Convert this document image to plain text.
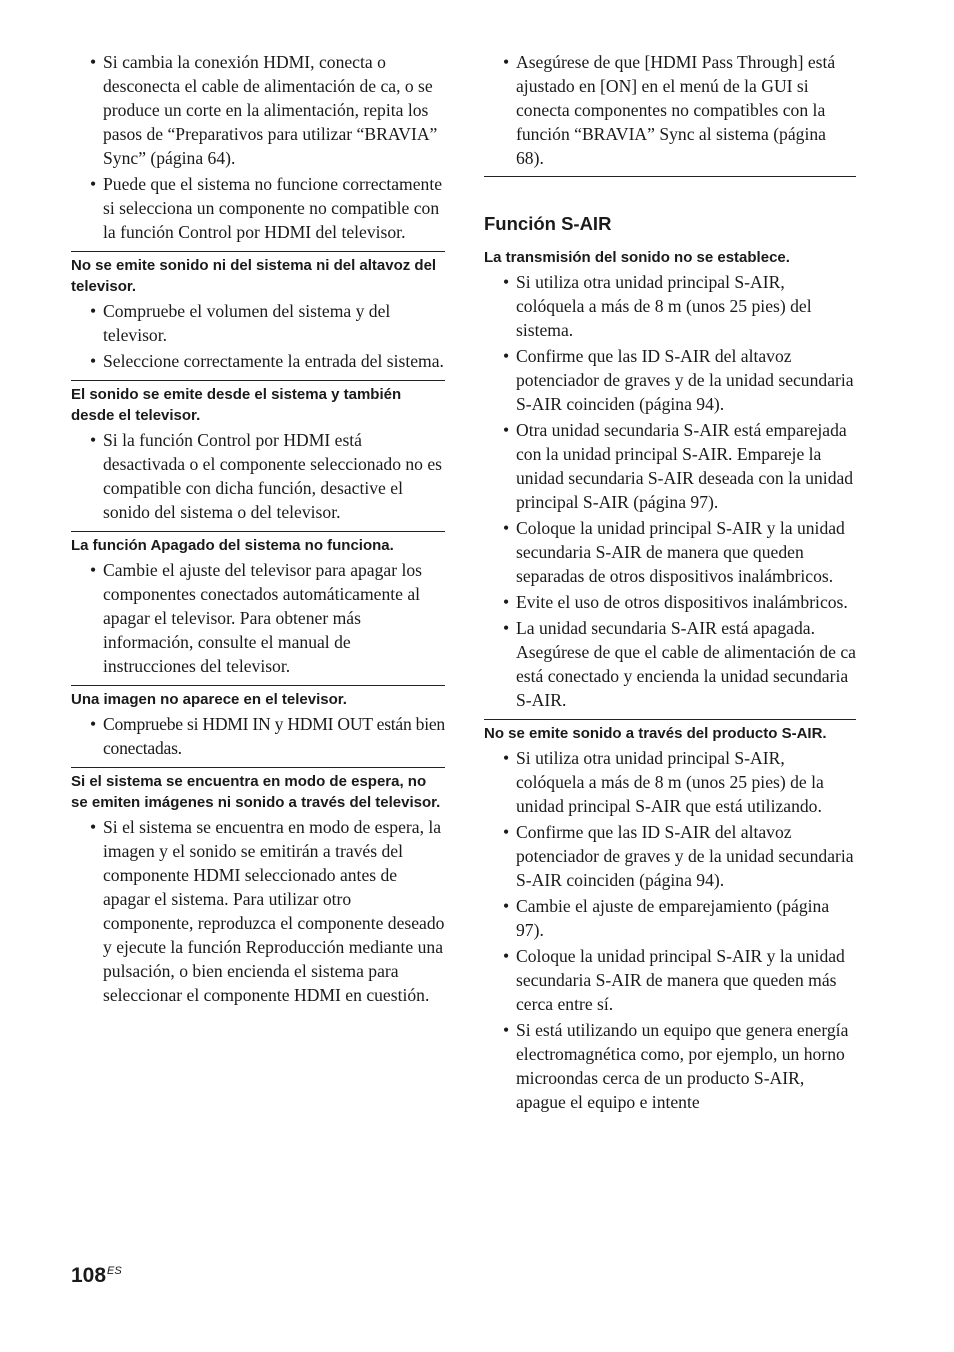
• Si cambia la conexión HDMI, conecta o desconecta el cable de alimentación de ca, o se produce un corte en la alimentación, repita los pasos de “Preparativos para utilizar “BRAVIA” Sync” (página 64).
• Puede que el sistema no funcione correctamente si selecciona un componente no compatible con la función Control por HDMI del televisor.
No se emite sonido ni del sistema ni del altavoz del televisor.
• Compruebe el volumen del sistema y del televisor.
• Seleccione correctamente la entrada del sistema.
El sonido se emite desde el sistema y también desde el televisor.
• Si la función Control por HDMI está desactivada o el componente seleccionado no es compatible con dicha función, desactive el sonido del sistema o del televisor.
La función Apagado del sistema no funciona.
• Cambie el ajuste del televisor para apagar los componentes conectados automáticamente al apagar el televisor. Para obtener más información, consulte el manual de instrucciones del televisor.
Una imagen no aparece en el televisor.
• Compruebe si HDMI IN y HDMI OUT están bien conectadas.
Si el sistema se encuentra en modo de espera, no se emiten imágenes ni sonido a través del televisor.
• Si el sistema se encuentra en modo de espera, la imagen y el sonido se emitirán a través del componente HDMI seleccionado antes de apagar el sistema. Para utilizar otro componente, reproduzca el componente deseado y ejecute la función Reproducción mediante una pulsación, o bien encienda el sistema para seleccionar el componente HDMI en cuestión.
• Asegúrese de que [HDMI Pass Through] está ajustado en [ON] en el menú de la GUI si conecta componentes no compatibles con la función “BRAVIA” Sync al sistema (página 68).
Función S-AIR
La transmisión del sonido no se establece.
• Si utiliza otra unidad principal S-AIR, colóquela a más de 8 m (unos 25 pies) del sistema.
• Confirme que las ID S-AIR del altavoz potenciador de graves y de la unidad secundaria S-AIR coinciden (página 94).
• Otra unidad secundaria S-AIR está emparejada con la unidad principal S-AIR. Empareje la unidad secundaria S-AIR deseada con la unidad principal S-AIR (página 97).
• Coloque la unidad principal S-AIR y la unidad secundaria S-AIR de manera que queden separadas de otros dispositivos inalámbricos.
• Evite el uso de otros dispositivos inalámbricos.
• La unidad secundaria S-AIR está apagada. Asegúrese de que el cable de alimentación de ca está conectado y encienda la unidad secundaria S-AIR.
No se emite sonido a través del producto S-AIR.
• Si utiliza otra unidad principal S-AIR, colóquela a más de 8 m (unos 25 pies) de la unidad principal S-AIR que está utilizando.
• Confirme que las ID S-AIR del altavoz potenciador de graves y de la unidad secundaria S-AIR coinciden (página 94).
• Cambie el ajuste de emparejamiento (página 97).
• Coloque la unidad principal S-AIR y la unidad secundaria S-AIR de manera que queden más cerca entre sí.
• Si está utilizando un equipo que genera energía electromagnética como, por ejemplo, un horno microondas cerca de un producto S-AIR, apague el equipo e intente
$108^{ES}$
